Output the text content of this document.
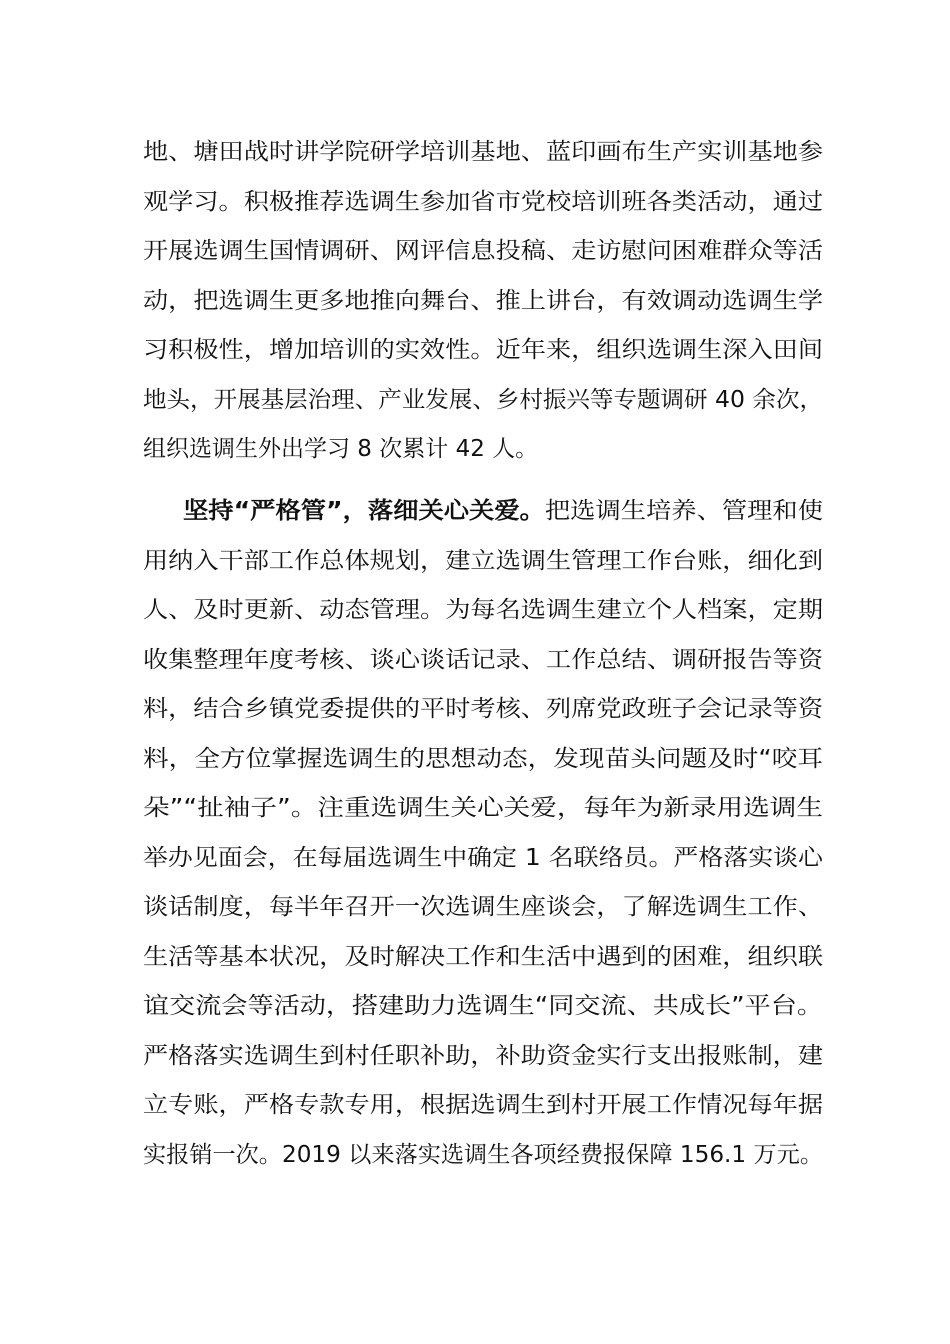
地、塘田战时讲学院研学培训基地、蓝印画布生产实训基地参
观学习。积极推荐选调生参加省市党校培训班各类活动，通过
开展选调生国情调研、网评信息投稿、走访慰问困难群众等活
动，把选调生更多地推向舞台、推上讲台，有效调动选调生学
习积极性，增加培训的实效性。近年来，组织选调生深入田间
地头，开展基层治理、产业发展、乡村振兴等专题调研 40 余次，
组织选调生外出学习 8 次累计 42 人。
坚持“严格管”，落细关心关爱。把选调生培养、管理和使
用纳入干部工作总体规划，建立选调生管理工作台账，细化到
人、及时更新、动态管理。为每名选调生建立个人档案，定期
收集整理年度考核、谈心谈话记录、工作总结、调研报告等资
料，结合乡镇党委提供的平时考核、列席党政班子会记录等资
料，全方位掌握选调生的思想动态，发现苗头问题及时“咬耳
朵”“扯袖子”。注重选调生关心关爱，每年为新录用选调生
举办见面会，在每届选调生中确定 1 名联络员。严格落实谈心
谈话制度，每半年召开一次选调生座谈会，了解选调生工作、
生活等基本状况，及时解决工作和生活中遇到的困难，组织联
谊交流会等活动，搭建助力选调生“同交流、共成长”平台。
严格落实选调生到村任职补助，补助资金实行支出报账制，建
立专账，严格专款专用，根据选调生到村开展工作情况每年据
实报销一次。2019 以来落实选调生各项经费报保障 156.1 万元。
